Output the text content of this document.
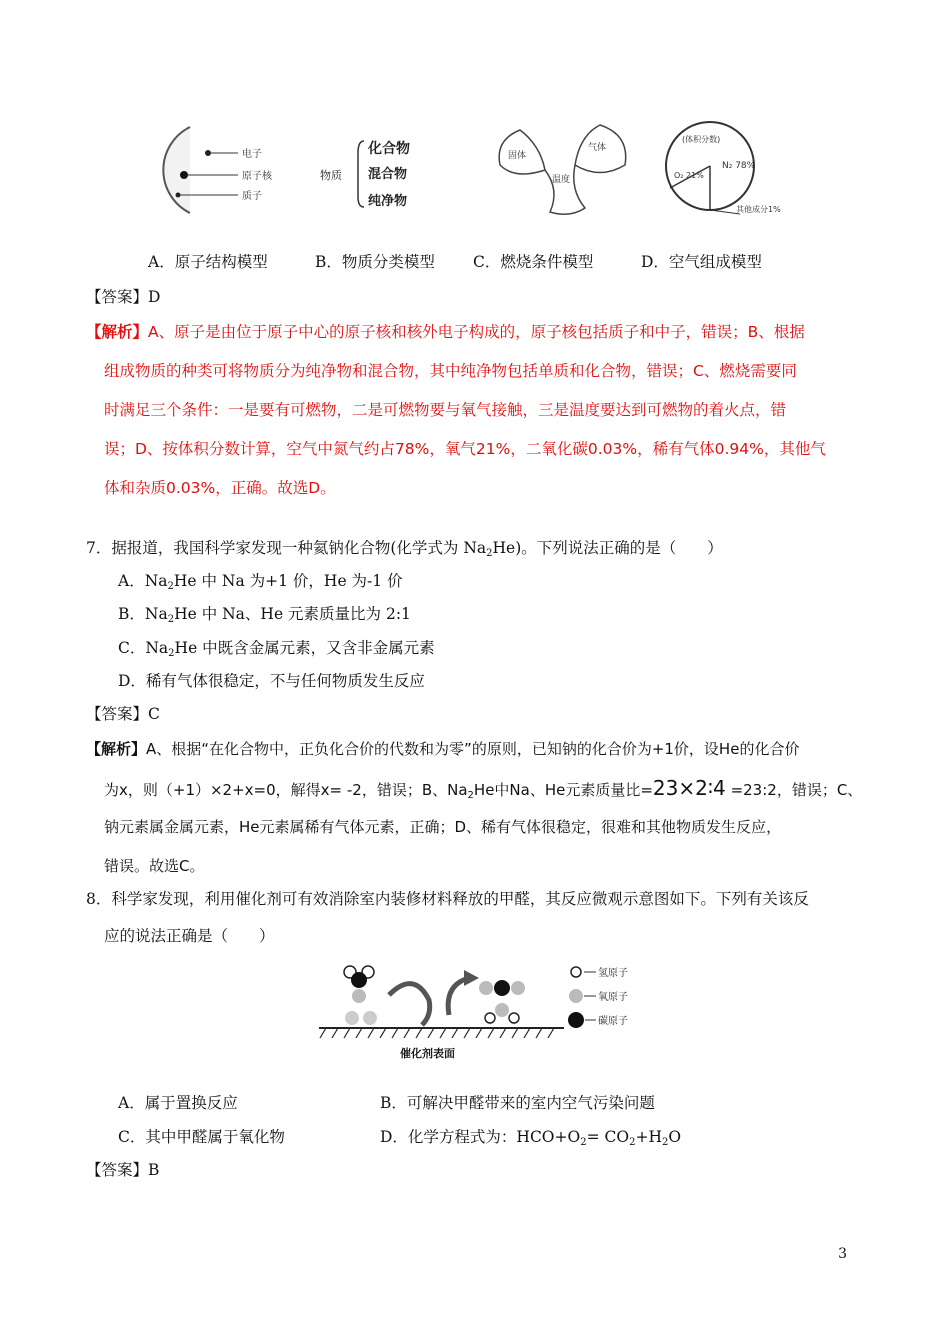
电子
原子核
质子
物质
化合物
混合物
纯净物
固体
气体
温度
(体积分数)
N₂ 78%
O₂ 21%
其他成分1%
A．原子结构模型	B．物质分类模型 C．燃烧条件模型	D．空气组成模型
【答案】D
【解析】A、原子是由位于原子中心的原子核和核外电子构成的，原子核包括质子和中子，错误；B、根据
组成物质的种类可将物质分为纯净物和混合物，其中纯净物包括单质和化合物，错误；C、燃烧需要同
时满足三个条件：一是要有可燃物，二是可燃物要与氧气接触，三是温度要达到可燃物的着火点，错
误；D、按体积分数计算，空气中氮气约占78%，氧气21%，二氧化碳0.03%，稀有气体0.94%，其他气
体和杂质0.03%，正确。故选D。
7．据报道，我国科学家发现一种氦钠化合物(化学式为 $Na_2He$)。下列说法正确的是（　　）
A．$Na_2He$ 中 Na 为+1 价，He 为-1 价
B．$Na_2He$ 中 Na、He 元素质量比为 2:1
C．$Na_2He$ 中既含金属元素，又含非金属元素
D．稀有气体很稳定，不与任何物质发生反应
【答案】C
【解析】A、根据“在化合物中，正负化合价的代数和为零”的原则，已知钠的化合价为+1价，设He的化合价
为x，则（+1）×2+x=0，解得x= -2，错误；B、$Na_2He$中Na、He元素质量比=23×2∶4 =23:2，错误；C、
钠元素属金属元素，He元素属稀有气体元素，正确；D、稀有气体很稳定，很难和其他物质发生反应，
错误。故选C。
8．科学家发现，利用催化剂可有效消除室内装修材料释放的甲醛，其反应微观示意图如下。下列有关该反
应的说法正确是（　　）
氢原子
氧原子
碳原子
催化剂表面
A．属于置换反应	B．可解决甲醛带来的室内空气污染问题
C．其中甲醛属于氧化物	D．化学方程式为：$HCO+O_2= CO_2+H_2O$
【答案】B
3
